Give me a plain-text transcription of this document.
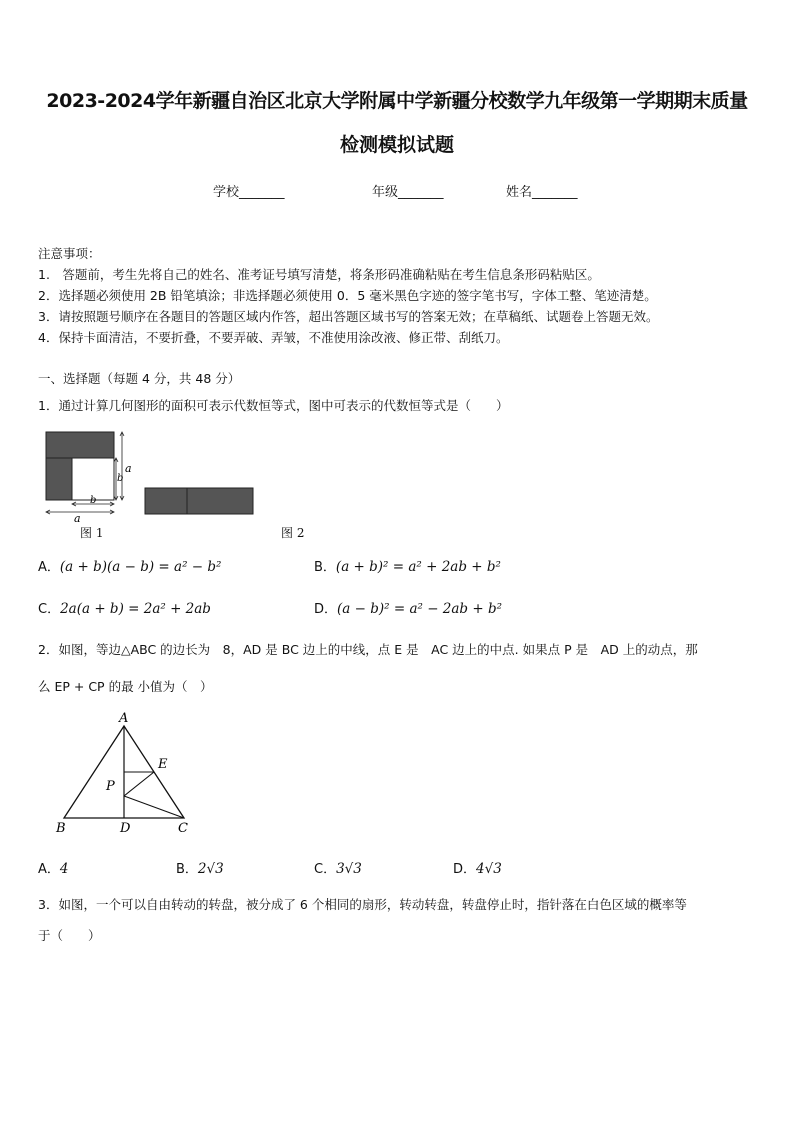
2023-2024学年新疆自治区北京大学附属中学新疆分校数学九年级第一学期期末质量
检测模拟试题
学校_______	年级_______	姓名_______
注意事项：
1.　答题前，考生先将自己的姓名、准考证号填写清楚，将条形码准确粘贴在考生信息条形码粘贴区。
2．选择题必须使用 2B 铅笔填涂；非选择题必须使用 0．5 毫米黑色字迹的签字笔书写，字体工整、笔迹清楚。
3．请按照题号顺序在各题目的答题区域内作答，超出答题区域书写的答案无效；在草稿纸、试题卷上答题无效。
4．保持卡面清洁，不要折叠，不要弄破、弄皱，不准使用涂改液、修正带、刮纸刀。
一、选择题（每题 4 分，共 48 分）
1．通过计算几何图形的面积可表示代数恒等式，图中可表示的代数恒等式是（　　）
a
b
b
a
图 1	图 2
A．(a + b)(a − b) = a² − b²	B．(a + b)² = a² + 2ab + b²
C．2a(a + b) = 2a² + 2ab	D．(a − b)² = a² − 2ab + b²
2．如图，等边△ABC 的边长为　8，AD 是 BC 边上的中线，点 E 是　AC 边上的中点. 如果点 P 是　AD 上的动点，那
么 EP + CP 的最 小值为（　）
A
B	D	C
E
P
A．4	B．2√3	C．3√3	D．4√3
3．如图，一个可以自由转动的转盘，被分成了 6 个相同的扇形，转动转盘，转盘停止时，指针落在白色区域的概率等
于（　　）
